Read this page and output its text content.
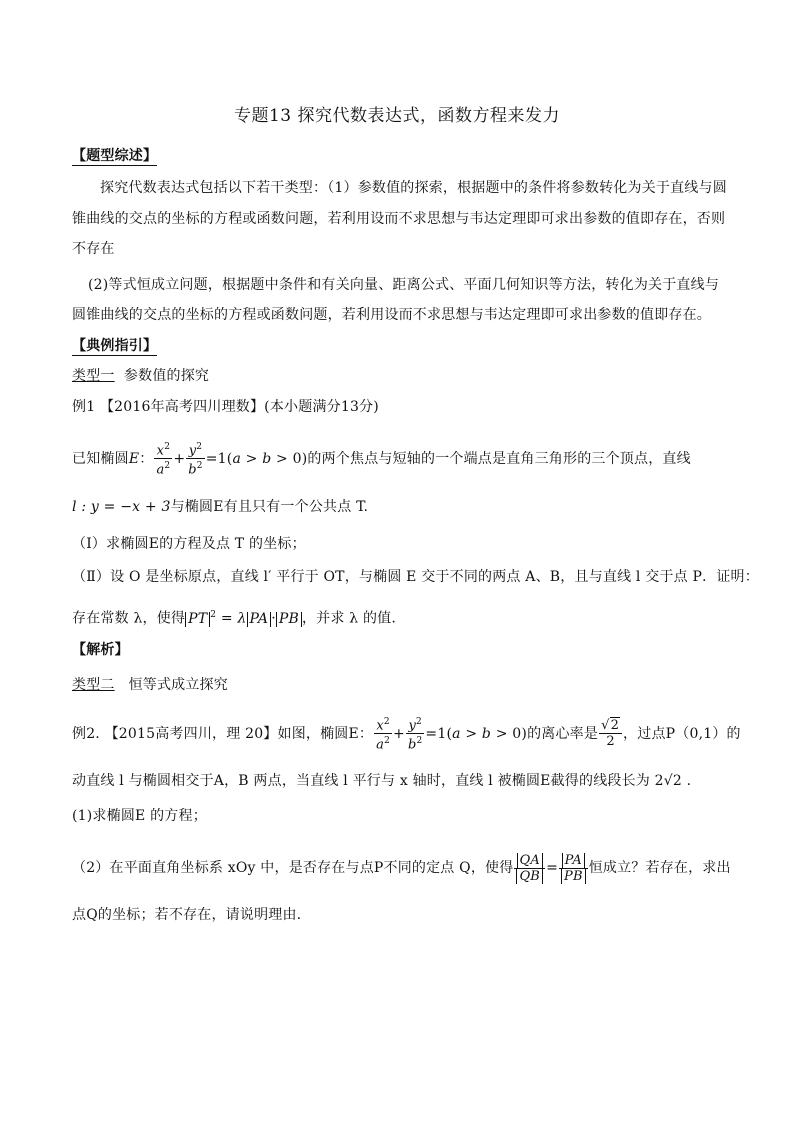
专题13 探究代数表达式，函数方程来发力
【题型综述】
探究代数表达式包括以下若干类型：（1）参数值的探索，根据题中的条件将参数转化为关于直线与圆
锥曲线的交点的坐标的方程或函数问题，若利用设而不求思想与韦达定理即可求出参数的值即存在，否则
不存在
(2)等式恒成立问题，根据题中条件和有关向量、距离公式、平面几何知识等方法，转化为关于直线与
圆锥曲线的交点的坐标的方程或函数问题，若利用设而不求思想与韦达定理即可求出参数的值即存在。
【典例指引】
类型一 参数值的探究
例1 【2016年高考四川理数】(本小题满分13分)
已知椭圆E： $\frac{x^2}{a^2} + \frac{y^2}{b^2} =1(a > b > 0)$的两个焦点与短轴的一个端点是直角三角形的三个顶点，直线
l : y = −x + 3与椭圆E有且只有一个公共点 T.
（Ⅰ）求椭圆E的方程及点 T 的坐标；
（Ⅱ）设 O 是坐标原点，直线 l′ 平行于 OT，与椭圆 E 交于不同的两点 A、B，且与直线 l 交于点 P．证明：
存在常数 λ，使得 PT $^2$ = λ PA · PB ，并求 λ 的值.
【解析】
类型二 恒等式成立探究
例2. 【2015高考四川，理 20】如图，椭圆E： $\frac{x^2}{a^2} + \frac{y^2}{b^2} =1(a > b > 0)$的离心率是 $\frac{√2}{2}$ ，过点P（0,1）的
动直线 l 与椭圆相交于A，B 两点，当直线 l 平行与 x 轴时，直线 l 被椭圆E截得的线段长为 2√2 .
(1)求椭圆E 的方程；
（2）在平面直角坐标系 xOy 中，是否存在与点P不同的定点 Q，使得 $\frac{QA}{QB} = \frac{PA}{PB}$ 恒成立？若存在，求出
点Q的坐标；若不存在，请说明理由.
